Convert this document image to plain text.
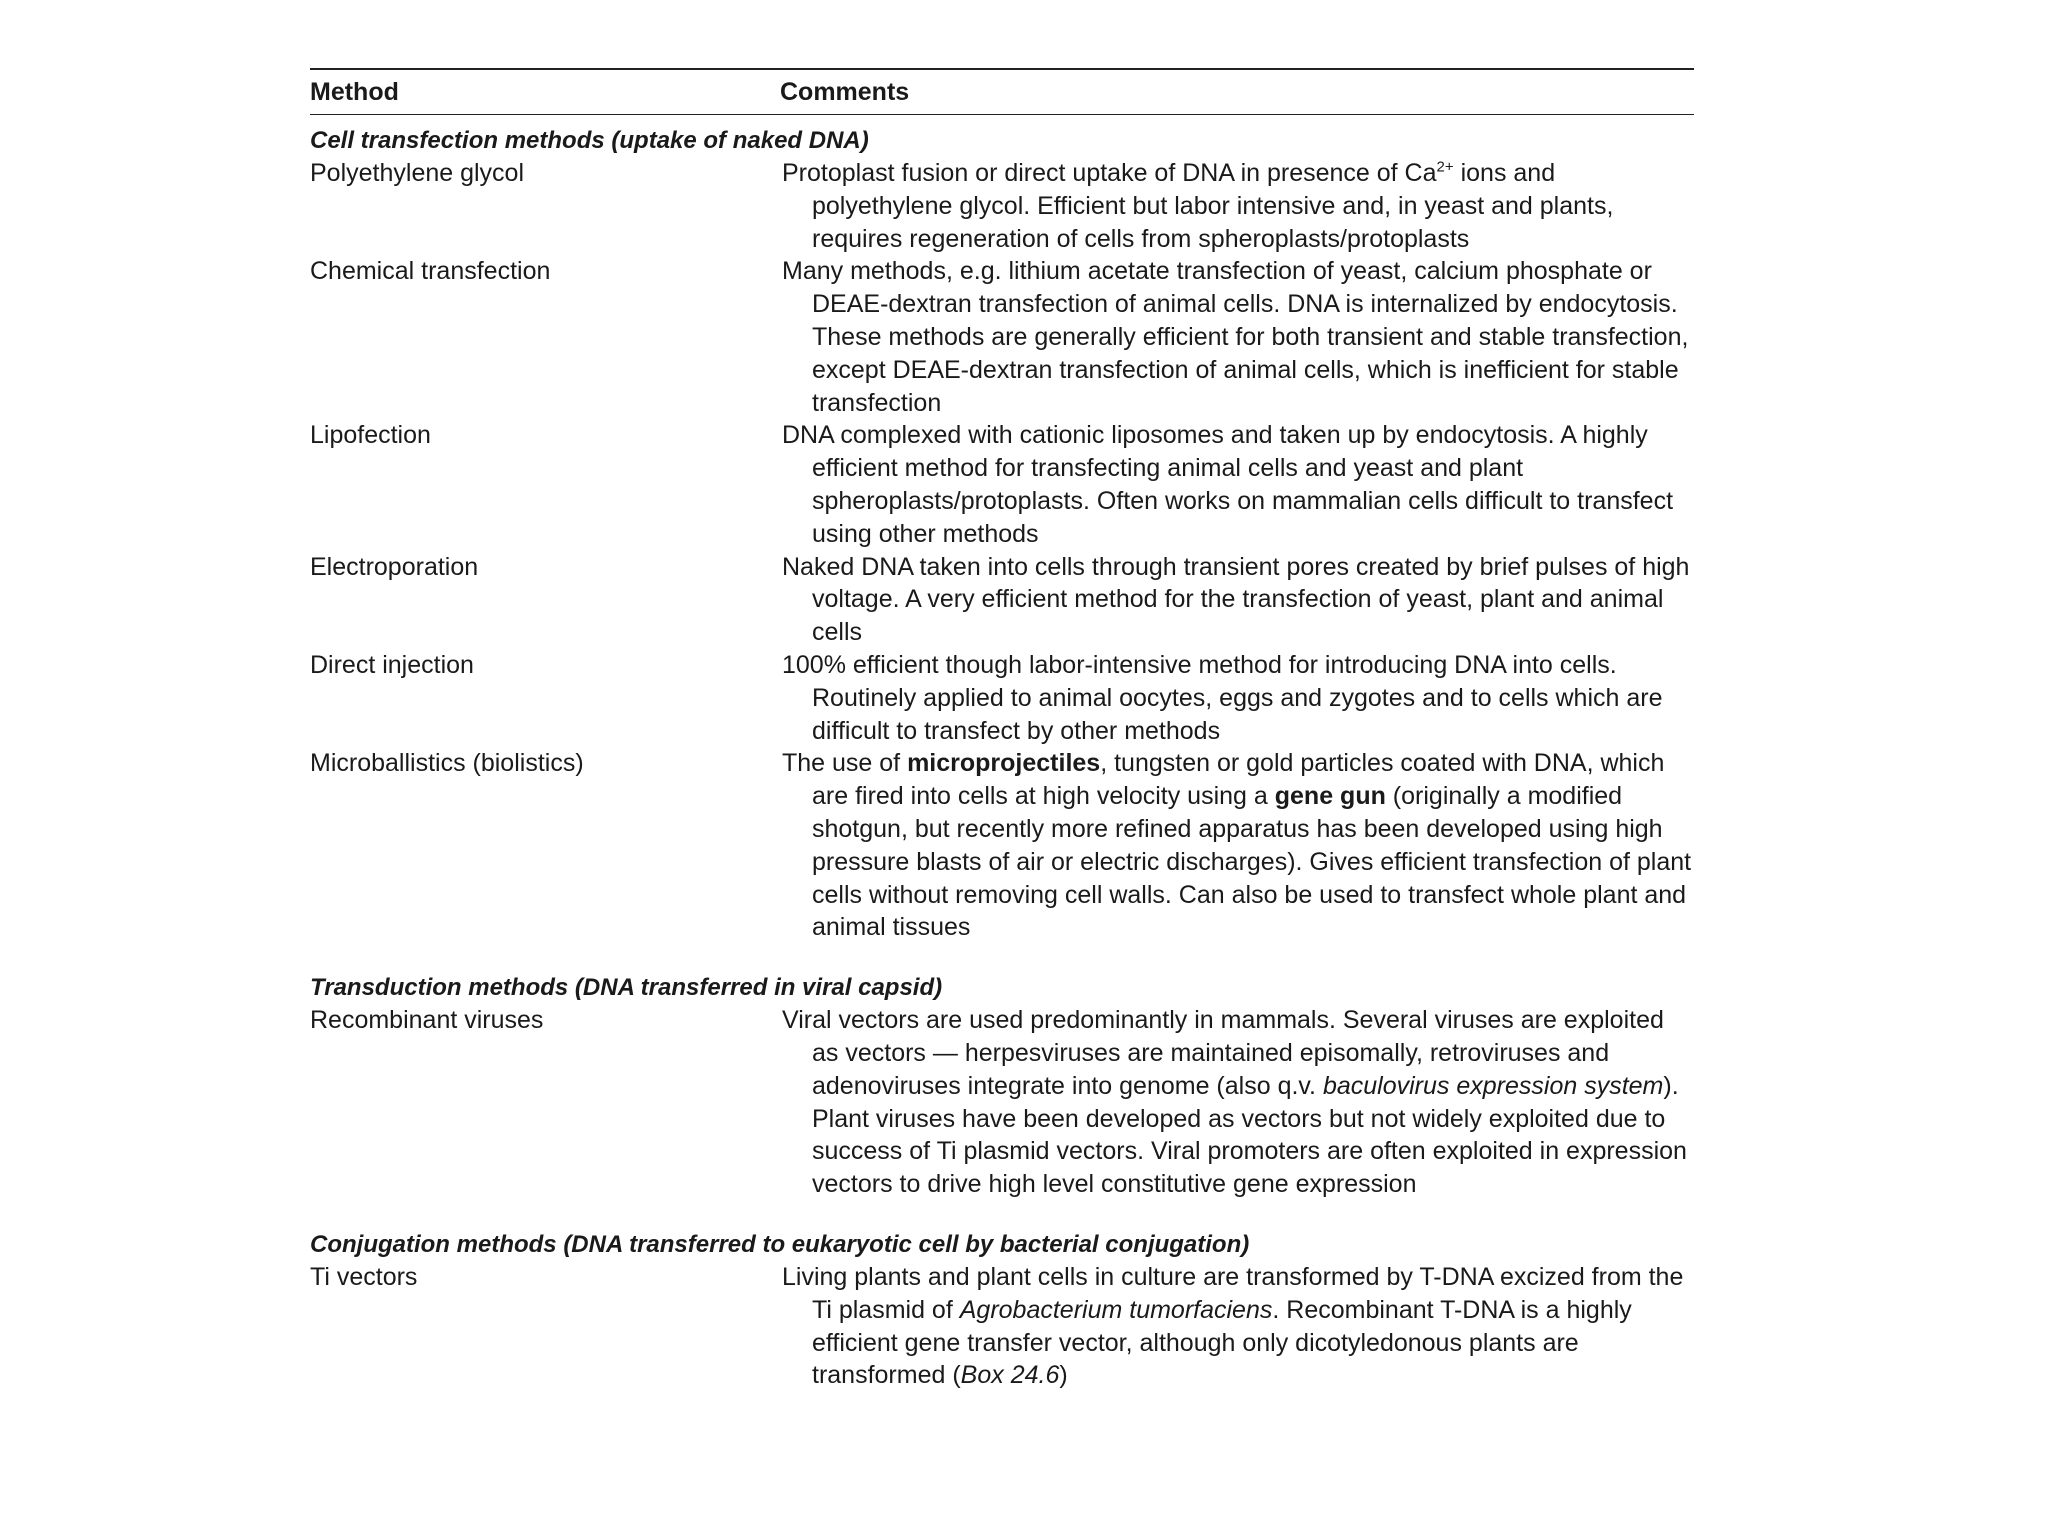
Method	Comments
Cell transfection methods (uptake of naked DNA)
Polyethylene glycol	Protoplast fusion or direct uptake of DNA in presence of $Ca^{2+}$ ions and polyethylene glycol. Efficient but labor intensive and, in yeast and plants, requires regeneration of cells from spheroplasts/protoplasts
Chemical transfection	Many methods, e.g. lithium acetate transfection of yeast, calcium phosphate or DEAE-dextran transfection of animal cells. DNA is internalized by endocytosis. These methods are generally efficient for both transient and stable transfection, except DEAE-dextran transfection of animal cells, which is inefficient for stable transfection
Lipofection	DNA complexed with cationic liposomes and taken up by endocytosis. A highly efficient method for transfecting animal cells and yeast and plant spheroplasts/protoplasts. Often works on mammalian cells difficult to transfect using other methods
Electroporation	Naked DNA taken into cells through transient pores created by brief pulses of high voltage. A very efficient method for the transfection of yeast, plant and animal cells
Direct injection	100% efficient though labor-intensive method for introducing DNA into cells. Routinely applied to animal oocytes, eggs and zygotes and to cells which are difficult to transfect by other methods
Microballistics (biolistics)	The use of microprojectiles, tungsten or gold particles coated with DNA, which are fired into cells at high velocity using a gene gun (originally a modified shotgun, but recently more refined apparatus has been developed using high pressure blasts of air or electric discharges). Gives efficient transfection of plant cells without removing cell walls. Can also be used to transfect whole plant and animal tissues
Transduction methods (DNA transferred in viral capsid)
Recombinant viruses	Viral vectors are used predominantly in mammals. Several viruses are exploited as vectors — herpesviruses are maintained episomally, retroviruses and adenoviruses integrate into genome (also q.v. baculovirus expression system). Plant viruses have been developed as vectors but not widely exploited due to success of Ti plasmid vectors. Viral promoters are often exploited in expression vectors to drive high level constitutive gene expression
Conjugation methods (DNA transferred to eukaryotic cell by bacterial conjugation)
Ti vectors	Living plants and plant cells in culture are transformed by T-DNA excized from the Ti plasmid of Agrobacterium tumorfaciens. Recombinant T-DNA is a highly efficient gene transfer vector, although only dicotyledonous plants are transformed (Box 24.6)
